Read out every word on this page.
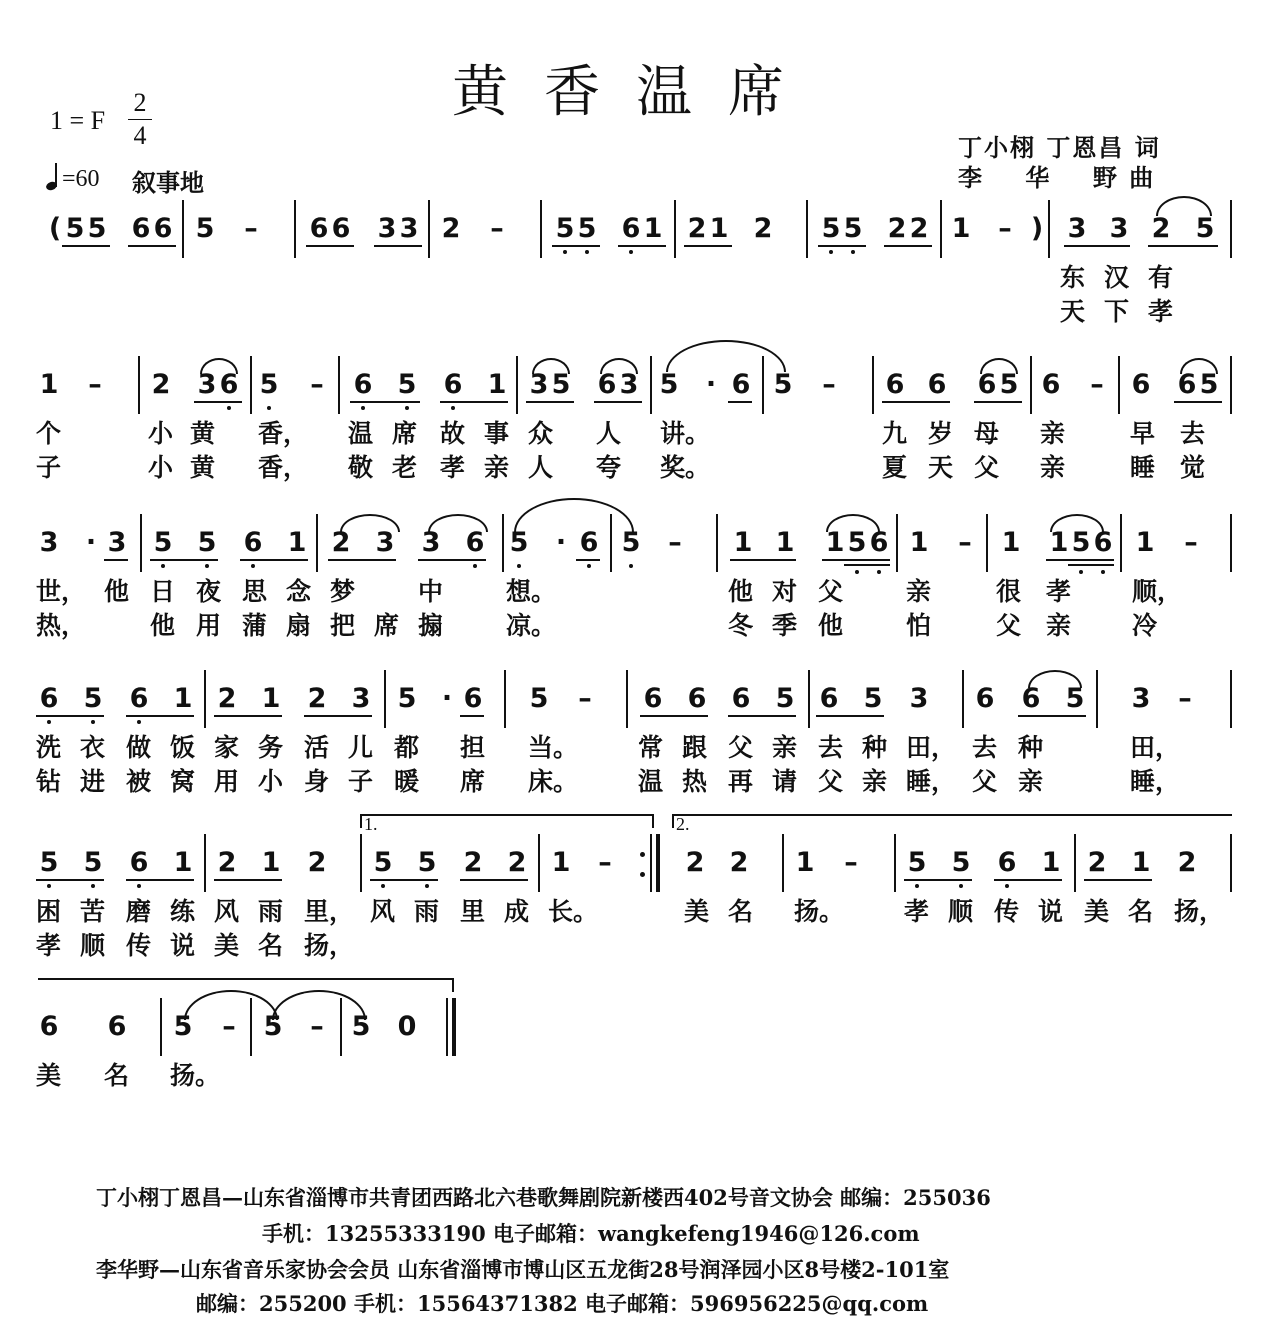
黄香温席
1 = F
2
4
=60 叙事地
丁小栩 丁恩昌 词
李    华    野 曲
( 5 5 6 6 5 – 6 6 3 3 2 – 5 5 6 1 2 1 2 5 5 2 2 1 – ) 3 3 2 5
东 汉 有
天 下 孝
1 – 2 3 6 5 – 6 5 6 1 3 5 6 3 5 · 6 5 – 6 6 6 5 6 – 6 6 5
个	小 黄 香， 温 席 故 事 众 人 讲。	九 岁 母 亲	早 去
子	小 黄 香， 敬 老 孝 亲 人 夸 奖。	夏 天 父 亲	睡 觉
3 · 3 5 5 6 1 2 3 3 6 5 · 6 5 – 1 1 1 5 6 1 – 1 1 5 6 1 –
世， 他 日 夜 思 念 梦	中	想。	他 对 父	亲	很 孝 顺，
热，	他 用 蒲 扇 把 席 搧	凉。	冬 季 他	怕	父 亲 冷
6 5 6 1 2 1 2 3 5 · 6 5 – 6 6 6 5 6 5 3 6 6 5 3 –
洗 衣 做 饭 家 务 活 儿 都 担 当。 常 跟 父 亲 去 种 田， 去 种	田，
钻 进 被 窝 用 小 身 子 暖 席 床。 温 热 再 请 父 亲 睡， 父 亲	睡，
5 5 6 1 2 1 2 5 5 2 2 1 –	2 2 1 – 5 5 6 1 2 1 2
困 苦 磨 练 风 雨 里， 风 雨 里 成 长。	美 名 扬。 孝 顺 传 说 美 名 扬，
孝 顺 传 说 美 名 扬，
1.	2.
6 6 5 – 5 – 5 0
美 名 扬。
丁小栩丁恩昌—山东省淄博市共青团西路北六巷歌舞剧院新楼西402号音文协会 邮编：255036
手机：13255333190 电子邮箱：wangkefeng1946@126.com
李华野—山东省音乐家协会会员 山东省淄博市博山区五龙街28号润泽园小区8号楼2-101室
邮编：255200 手机：15564371382 电子邮箱：596956225@qq.com
